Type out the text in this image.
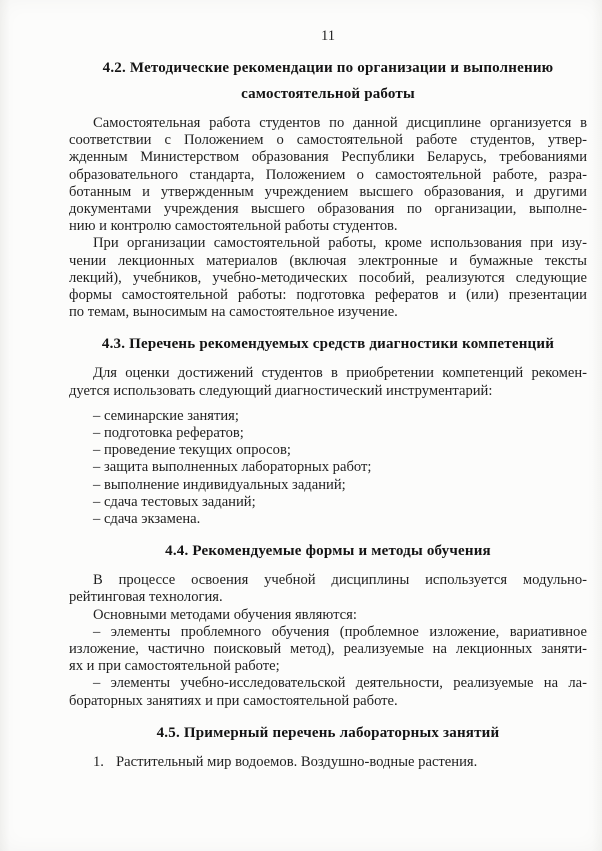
11
4.2. Методические рекомендации по организации и выполнению
самостоятельной работы
Самостоятельная работа студентов по данной дисциплине организуется в
соответствии с Положением о самостоятельной работе студентов, утвер-
жденным Министерством образования Республики Беларусь, требованиями
образовательного стандарта, Положением о самостоятельной работе, разра-
ботанным и утвержденным учреждением высшего образования, и другими
документами учреждения высшего образования по организации, выполне-
нию и контролю самостоятельной работы студентов.
При организации самостоятельной работы, кроме использования при изу-
чении лекционных материалов (включая электронные и бумажные тексты
лекций), учебников, учебно-методических пособий, реализуются следующие
формы самостоятельной работы: подготовка рефератов и (или) презентации
по темам, выносимым на самостоятельное изучение.
4.3. Перечень рекомендуемых средств диагностики компетенций
Для оценки достижений студентов в приобретении компетенций рекомен-
дуется использовать следующий диагностический инструментарий:
– семинарские занятия;
– подготовка рефератов;
– проведение текущих опросов;
– защита выполненных лабораторных работ;
– выполнение индивидуальных заданий;
– сдача тестовых заданий;
– сдача экзамена.
4.4. Рекомендуемые формы и методы обучения
В процессе освоения учебной дисциплины используется модульно-
рейтинговая технология.
Основными методами обучения являются:
– элементы проблемного обучения (проблемное изложение, вариативное
изложение, частично поисковый метод), реализуемые на лекционных заняти-
ях и при самостоятельной работе;
– элементы учебно-исследовательской деятельности, реализуемые на ла-
бораторных занятиях и при самостоятельной работе.
4.5. Примерный перечень лабораторных занятий
1. Растительный мир водоемов. Воздушно-водные растения.
